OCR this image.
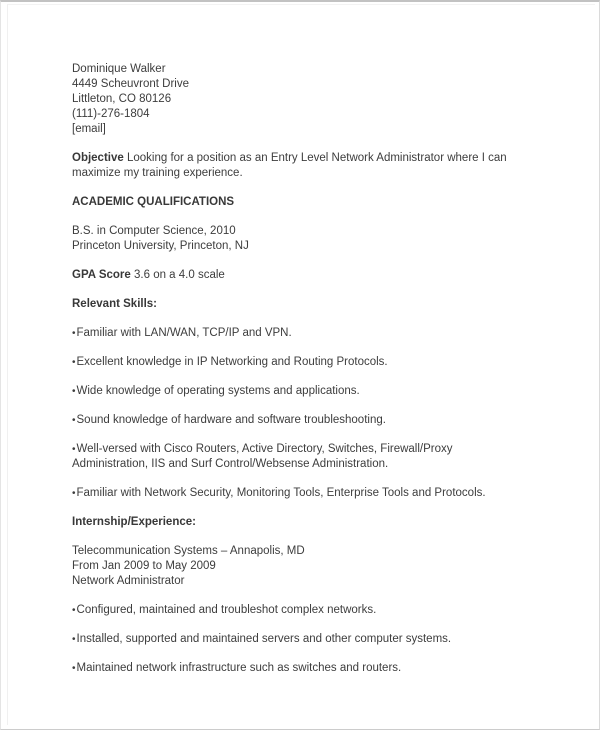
Dominique Walker
4449 Scheuvront Drive
Littleton, CO 80126
(111)-276-1804
[email]

Objective Looking for a position as an Entry Level Network Administrator where I can maximize my training experience.

ACADEMIC QUALIFICATIONS
B.S. in Computer Science, 2010
Princeton University, Princeton, NJ

GPA Score 3.6 on a 4.0 scale

Relevant Skills:

•Familiar with LAN/WAN, TCP/IP and VPN.

•Excellent knowledge in IP Networking and Routing Protocols.

•Wide knowledge of operating systems and applications.

•Sound knowledge of hardware and software troubleshooting.

•Well-versed with Cisco Routers, Active Directory, Switches, Firewall/Proxy Administration, IIS and Surf Control/Websense Administration.

•Familiar with Network Security, Monitoring Tools, Enterprise Tools and Protocols.

Internship/Experience:
Telecommunication Systems – Annapolis, MD
From Jan 2009 to May 2009
Network Administrator

•Configured, maintained and troubleshot complex networks.

•Installed, supported and maintained servers and other computer systems.

•Maintained network infrastructure such as switches and routers.
